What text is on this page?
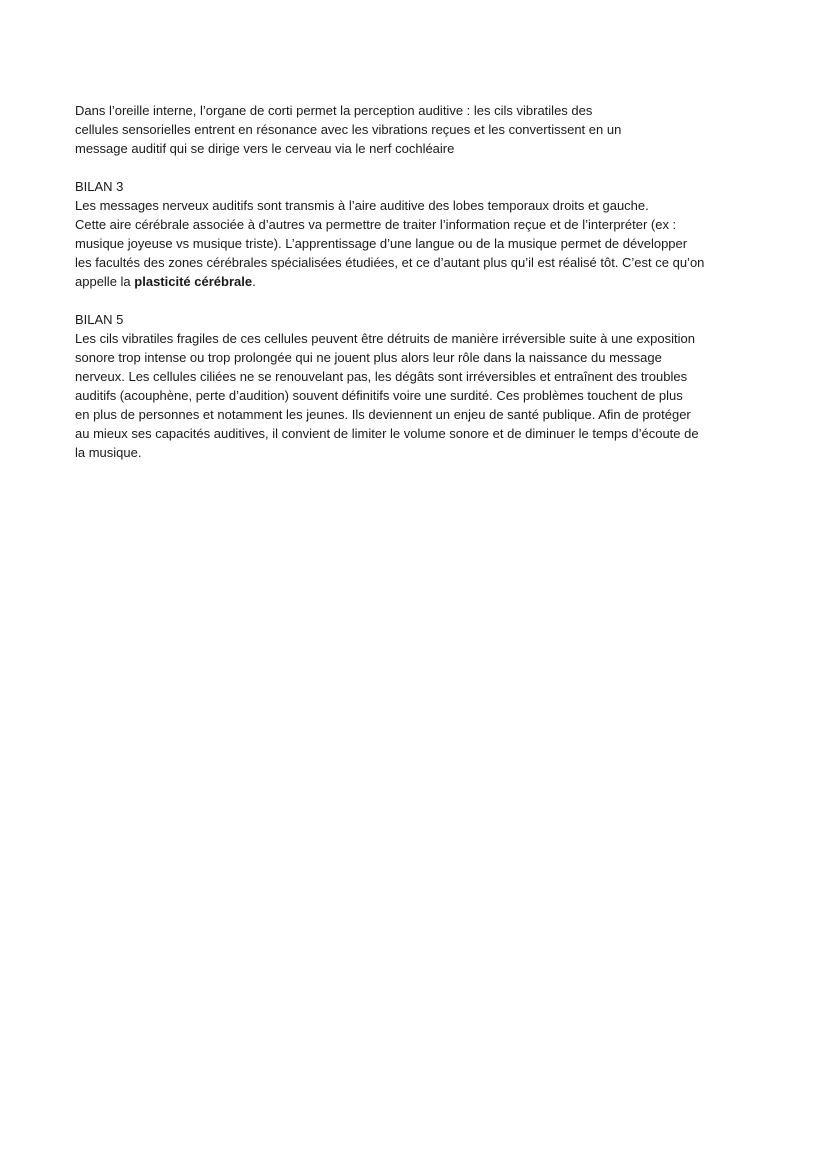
Dans l’oreille interne, l’organe de corti permet la perception auditive : les cils vibratiles des
cellules sensorielles entrent en résonance avec les vibrations reçues et les convertissent en un
message auditif qui se dirige vers le cerveau via le nerf cochléaire
BILAN 3
Les messages nerveux auditifs sont transmis à l’aire auditive des lobes temporaux droits et gauche.
Cette aire cérébrale associée à d’autres va permettre de traiter l’information reçue et de l’interpréter (ex :
musique joyeuse vs musique triste). L’apprentissage d’une langue ou de la musique permet de développer
les facultés des zones cérébrales spécialisées étudiées, et ce d’autant plus qu’il est réalisé tôt. C’est ce qu’on
appelle la plasticité cérébrale.
BILAN 5
Les cils vibratiles fragiles de ces cellules peuvent être détruits de manière irréversible suite à une exposition
sonore trop intense ou trop prolongée qui ne jouent plus alors leur rôle dans la naissance du message
nerveux. Les cellules ciliées ne se renouvelant pas, les dégâts sont irréversibles et entraînent des troubles
auditifs (acouphène, perte d’audition) souvent définitifs voire une surdité. Ces problèmes touchent de plus
en plus de personnes et notamment les jeunes. Ils deviennent un enjeu de santé publique. Afin de protéger
au mieux ses capacités auditives, il convient de limiter le volume sonore et de diminuer le temps d’écoute de
la musique.
